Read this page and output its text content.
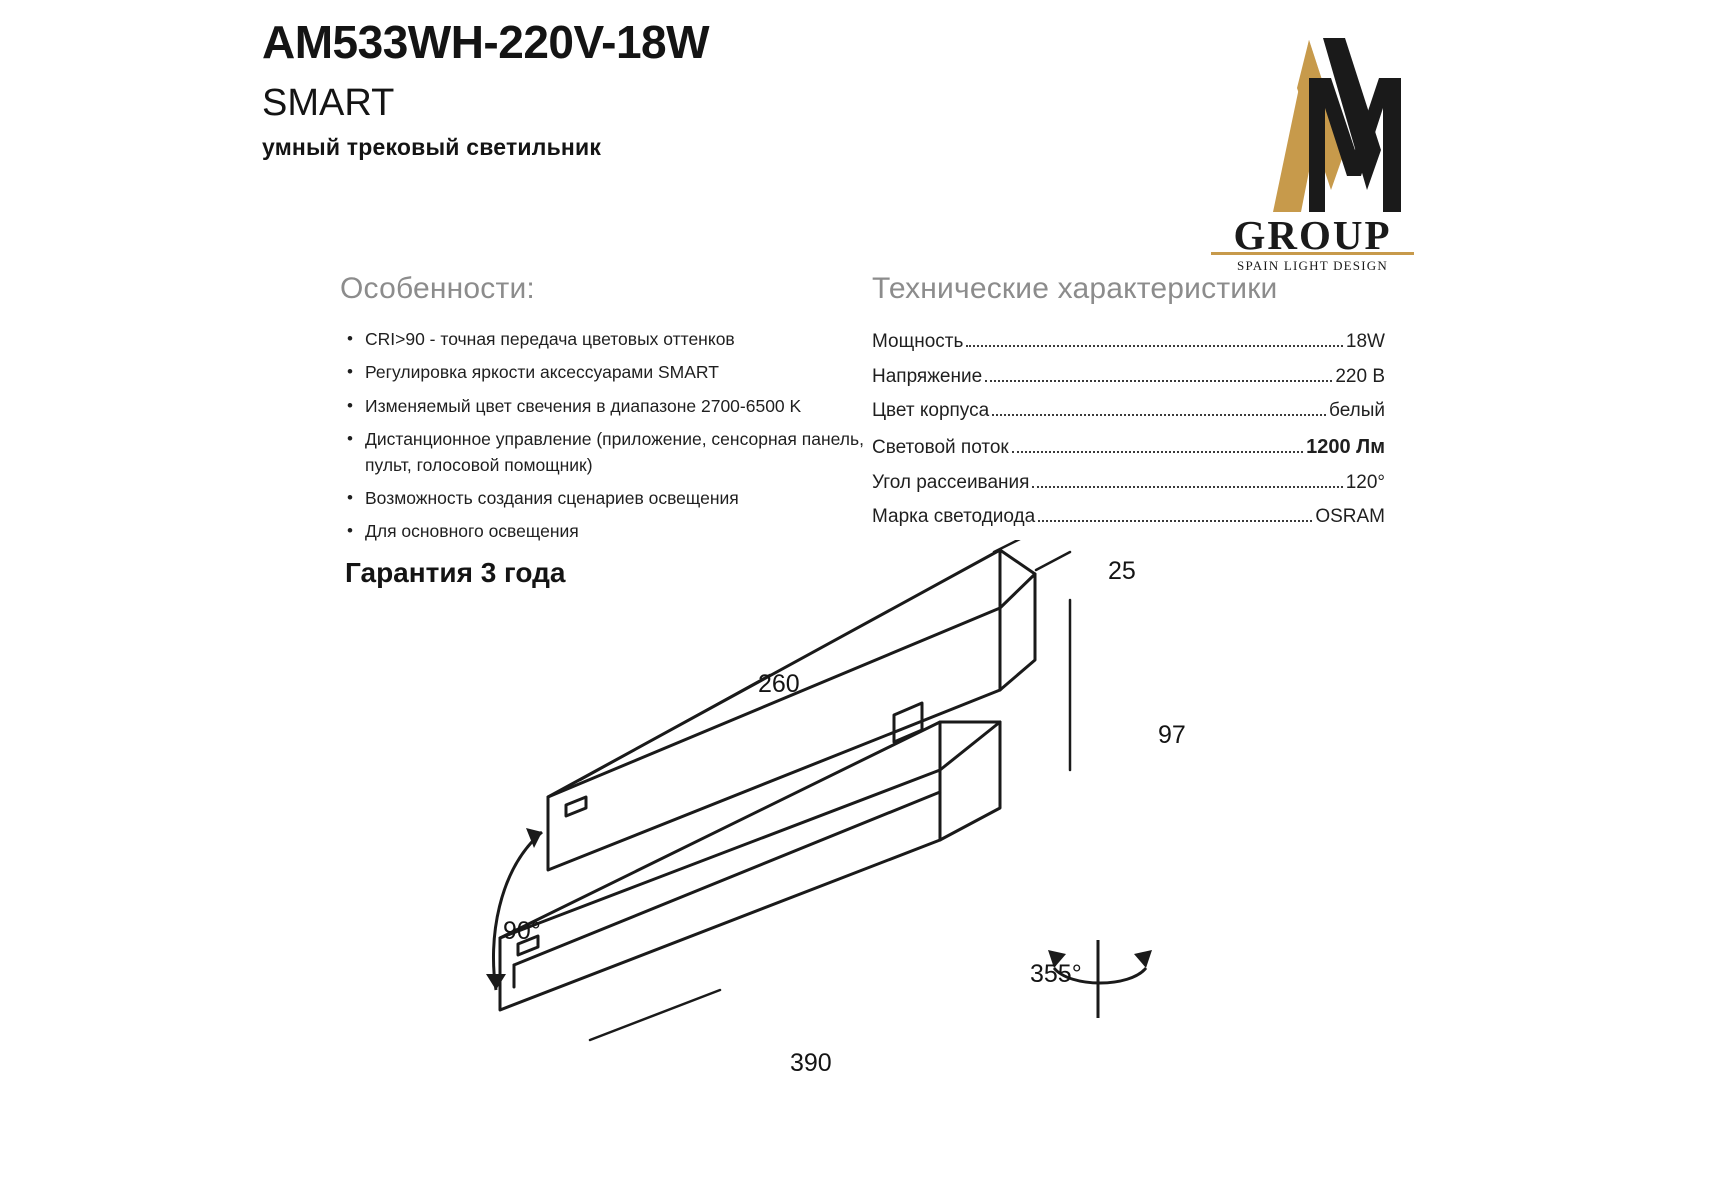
AM533WH-220V-18W
SMART
умный трековый светильник
GROUP
SPAIN LIGHT DESIGN
Особенности:	Технические характеристики
• CRI>90 - точная передача цветовых оттенков
• Регулировка яркости аксессуарами SMART
• Изменяемый цвет свечения в диапазоне 2700-6500 K
• Дистанционное управление (приложение, сенсорная панель, пульт, голосовой помощник)
• Возможность создания сценариев освещения
• Для основного освещения
Гарантия 3 года
Мощность	18W
Напряжение	220 В
Цвет корпуса	белый
Световой поток	1200 Лм
Угол рассеивания	120°
Марка светодиода	OSRAM
25
260
97
90°
355°
390
